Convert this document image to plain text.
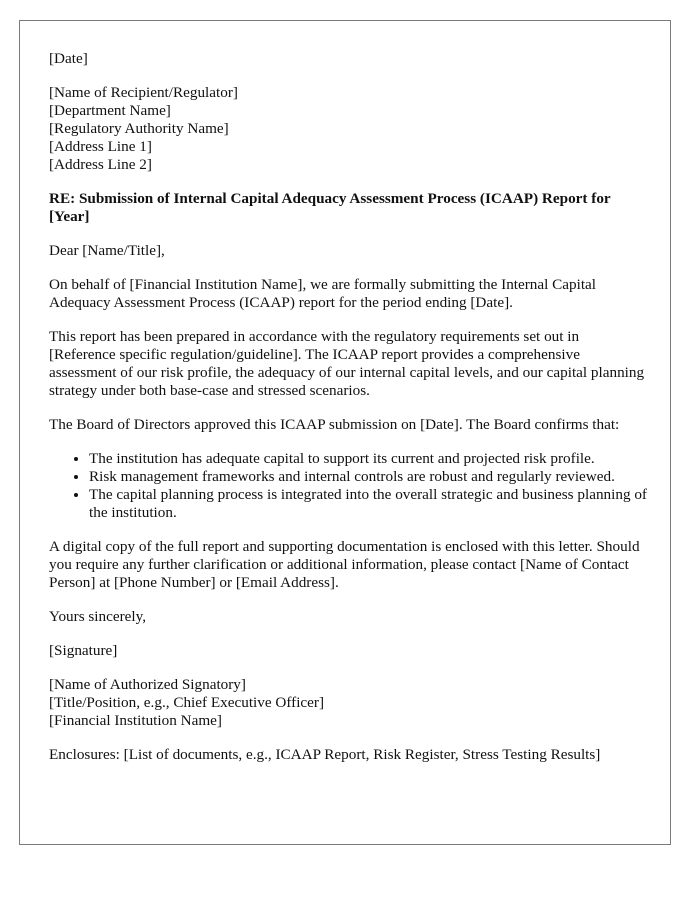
[Date]

[Name of Recipient/Regulator]

[Department Name]

[Regulatory Authority Name]

[Address Line 1]

[Address Line 2]

RE: Submission of Internal Capital Adequacy Assessment Process (ICAAP) Report for [Year]

Dear [Name/Title],

On behalf of [Financial Institution Name], we are formally submitting the Internal Capital Adequacy Assessment Process (ICAAP) report for the period ending [Date].

This report has been prepared in accordance with the regulatory requirements set out in [Reference specific regulation/guideline]. The ICAAP report provides a comprehensive assessment of our risk profile, the adequacy of our internal capital levels, and our capital planning strategy under both base-case and stressed scenarios.

The Board of Directors approved this ICAAP submission on [Date]. The Board confirms that:

• The institution has adequate capital to support its current and projected risk profile.
• Risk management frameworks and internal controls are robust and regularly reviewed.
• The capital planning process is integrated into the overall strategic and business planning of the institution.

A digital copy of the full report and supporting documentation is enclosed with this letter. Should you require any further clarification or additional information, please contact [Name of Contact Person] at [Phone Number] or [Email Address].

Yours sincerely,

[Signature]

[Name of Authorized Signatory]

[Title/Position, e.g., Chief Executive Officer]

[Financial Institution Name]

Enclosures: [List of documents, e.g., ICAAP Report, Risk Register, Stress Testing Results]
